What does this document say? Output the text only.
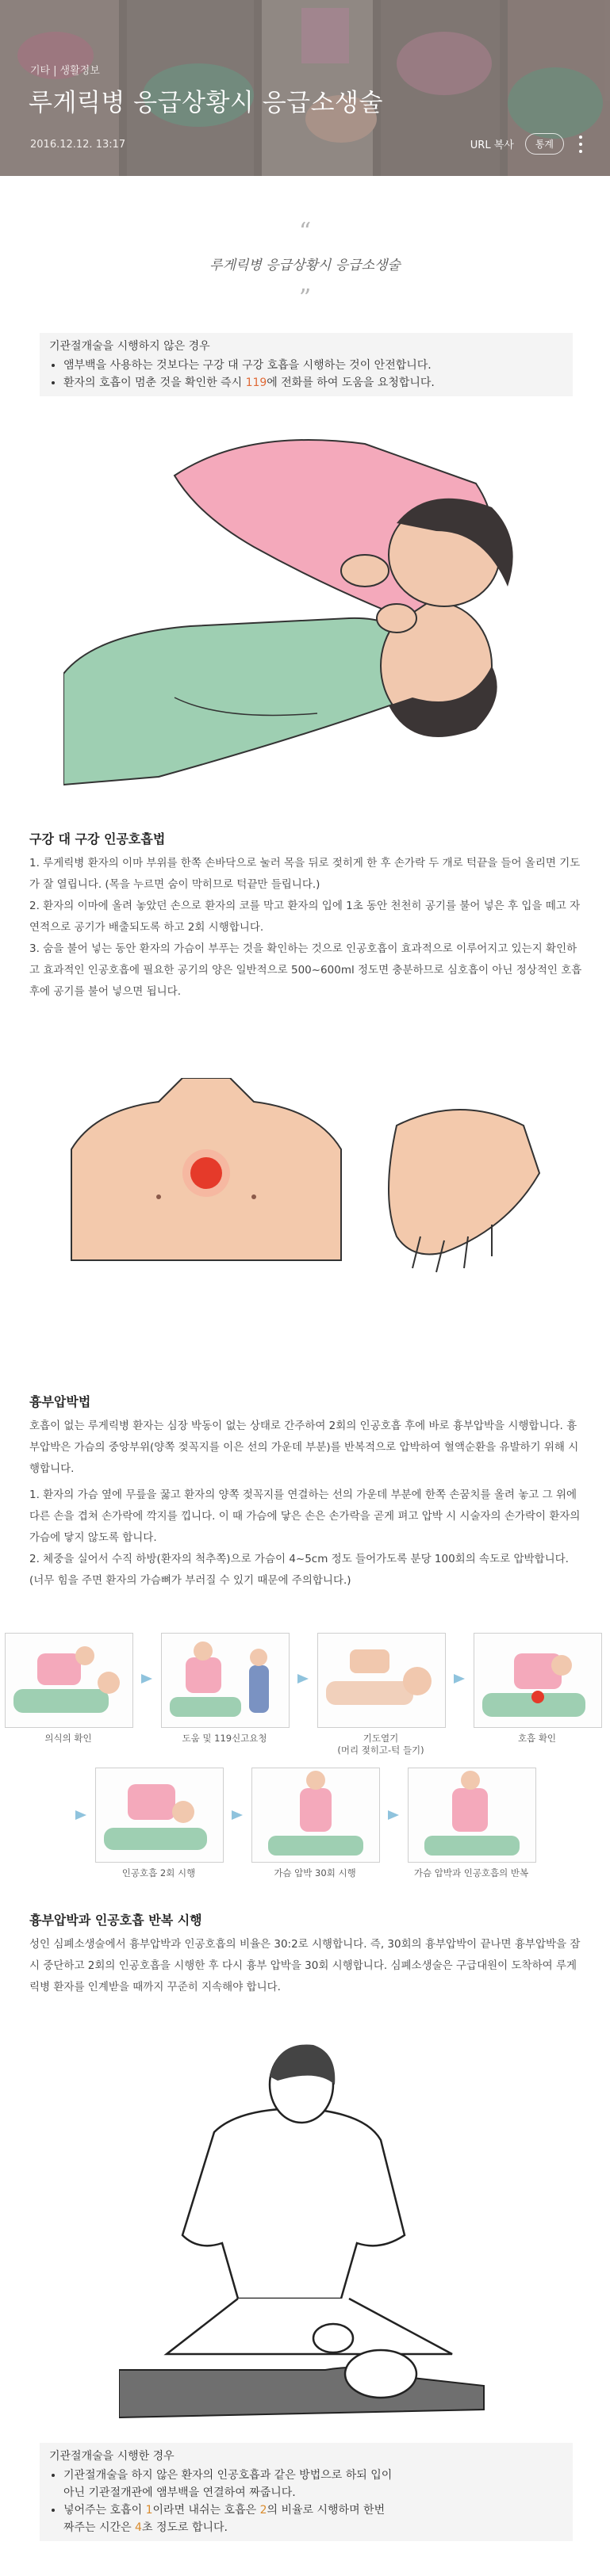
기타 | 생활정보
루게릭병 응급상황시 응급소생술
2016.12.12. 13:17	URL 복사	통계
“
루게릭병 응급상황시 응급소생술
”
기관절개술을 시행하지 않은 경우
• 앰부백을 사용하는 것보다는 구강 대 구강 호흡을 시행하는 것이 안전합니다.
• 환자의 호흡이 멈춘 것을 확인한 즉시 119에 전화를 하여 도움을 요청합니다.
구강 대 구강 인공호흡법

1. 루게릭병 환자의 이마 부위를 한쪽 손바닥으로 눌러 목을 뒤로 젖히게 한 후 손가락 두 개로 턱끝을 들어 올리면 기도가 잘 열립니다. (목을 누르면 숨이 막히므로 턱끝만 들립니다.)

2. 환자의 이마에 올려 놓았던 손으로 환자의 코를 막고 환자의 입에 1초 동안 천천히 공기를 불어 넣은 후 입을 떼고 자연적으로 공기가 배출되도록 하고 2회 시행합니다.

3. 숨을 불어 넣는 동안 환자의 가슴이 부푸는 것을 확인하는 것으로 인공호흡이 효과적으로 이루어지고 있는지 확인하고 효과적인 인공호흡에 필요한 공기의 양은 일반적으로 500~600ml 정도면 충분하므로 심호흡이 아닌 정상적인 호흡 후에 공기를 불어 넣으면 됩니다.

흉부압박법

호흡이 없는 루게릭병 환자는 심장 박동이 없는 상태로 간주하여 2회의 인공호흡 후에 바로 흉부압박을 시행합니다. 흉부압박은 가슴의 중앙부위(양쪽 젖꼭지를 이은 선의 가운데 부분)를 반복적으로 압박하여 혈액순환을 유발하기 위해 시행합니다.

1. 환자의 가슴 옆에 무릎을 꿇고 환자의 양쪽 젖꼭지를 연결하는 선의 가운데 부분에 한쪽 손꿈치를 올려 놓고 그 위에 다른 손을 겹쳐 손가락에 깍지를 낍니다. 이 때 가슴에 닿은 손은 손가락을 곧게 펴고 압박 시 시술자의 손가락이 환자의 가슴에 닿지 않도록 합니다.

2. 체중을 실어서 수직 하방(환자의 척추쪽)으로 가슴이 4~5cm 정도 들어가도록 분당 100회의 속도로 압박합니다. (너무 힘을 주면 환자의 가슴뼈가 부러질 수 있기 때문에 주의합니다.)

의식의 확인	도움 및 119신고요청	기도열기
(머리 젖히고-턱 들기)
호흡 확인
인공호흡 2회 시행	가슴 압박 30회 시행	가슴 압박과 인공호흡의 반복
흉부압박과 인공호흡 반복 시행

성인 심폐소생술에서 흉부압박과 인공호흡의 비율은 30:2로 시행합니다. 즉, 30회의 흉부압박이 끝나면 흉부압박을 잠시 중단하고 2회의 인공호흡을 시행한 후 다시 흉부 압박을 30회 시행합니다. 심폐소생술은 구급대원이 도착하여 루게릭병 환자를 인계받을 때까지 꾸준히 지속해야 합니다.

기관절개술을 시행한 경우
• 기관절개술을 하지 않은 환자의 인공호흡과 같은 방법으로 하되 입이 아닌 기관절개관에 앰부백을 연결하여 짜줍니다.
• 넣어주는 호흡이 1이라면 내쉬는 호흡은 2의 비율로 시행하며 한번 짜주는 시간은 4초 정도로 합니다.
